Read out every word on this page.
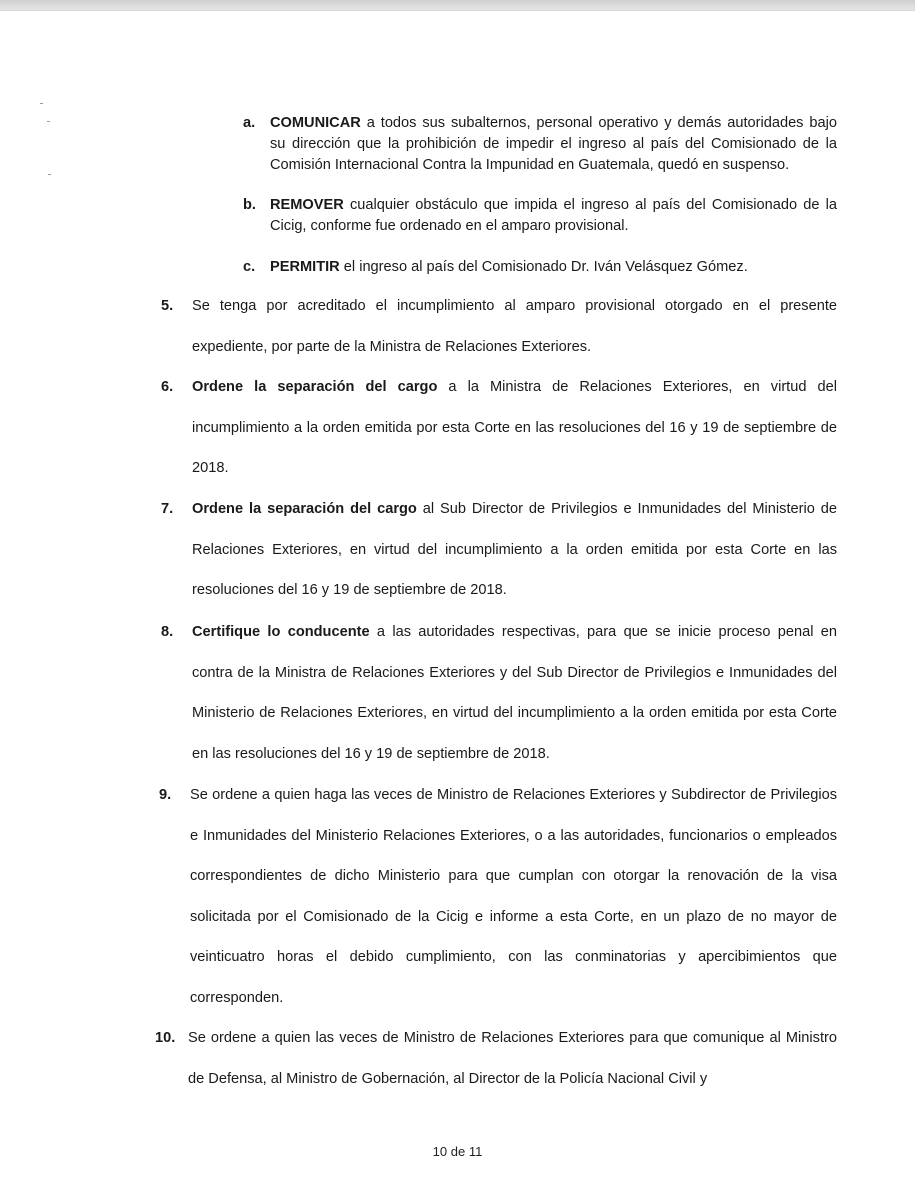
a. COMUNICAR a todos sus subalternos, personal operativo y demás autoridades bajo su dirección que la prohibición de impedir el ingreso al país del Comisionado de la Comisión Internacional Contra la Impunidad en Guatemala, quedó en suspenso.
b. REMOVER cualquier obstáculo que impida el ingreso al país del Comisionado de la Cicig, conforme fue ordenado en el amparo provisional.
c. PERMITIR el ingreso al país del Comisionado Dr. Iván Velásquez Gómez.
5. Se tenga por acreditado el incumplimiento al amparo provisional otorgado en el presente expediente, por parte de la Ministra de Relaciones Exteriores.
6. Ordene la separación del cargo a la Ministra de Relaciones Exteriores, en virtud del incumplimiento a la orden emitida por esta Corte en las resoluciones del 16 y 19 de septiembre de 2018.
7. Ordene la separación del cargo al Sub Director de Privilegios e Inmunidades del Ministerio de Relaciones Exteriores, en virtud del incumplimiento a la orden emitida por esta Corte en las resoluciones del 16 y 19 de septiembre de 2018.
8. Certifique lo conducente a las autoridades respectivas, para que se inicie proceso penal en contra de la Ministra de Relaciones Exteriores y del Sub Director de Privilegios e Inmunidades del Ministerio de Relaciones Exteriores, en virtud del incumplimiento a la orden emitida por esta Corte en las resoluciones del 16 y 19 de septiembre de 2018.
9. Se ordene a quien haga las veces de Ministro de Relaciones Exteriores y Subdirector de Privilegios e Inmunidades del Ministerio Relaciones Exteriores, o a las autoridades, funcionarios o empleados correspondientes de dicho Ministerio para que cumplan con otorgar la renovación de la visa solicitada por el Comisionado de la Cicig e informe a esta Corte, en un plazo de no mayor de veinticuatro horas el debido cumplimiento, con las conminatorias y apercibimientos que corresponden.
10. Se ordene a quien las veces de Ministro de Relaciones Exteriores para que comunique al Ministro de Defensa, al Ministro de Gobernación, al Director de la Policía Nacional Civil y
10 de 11
